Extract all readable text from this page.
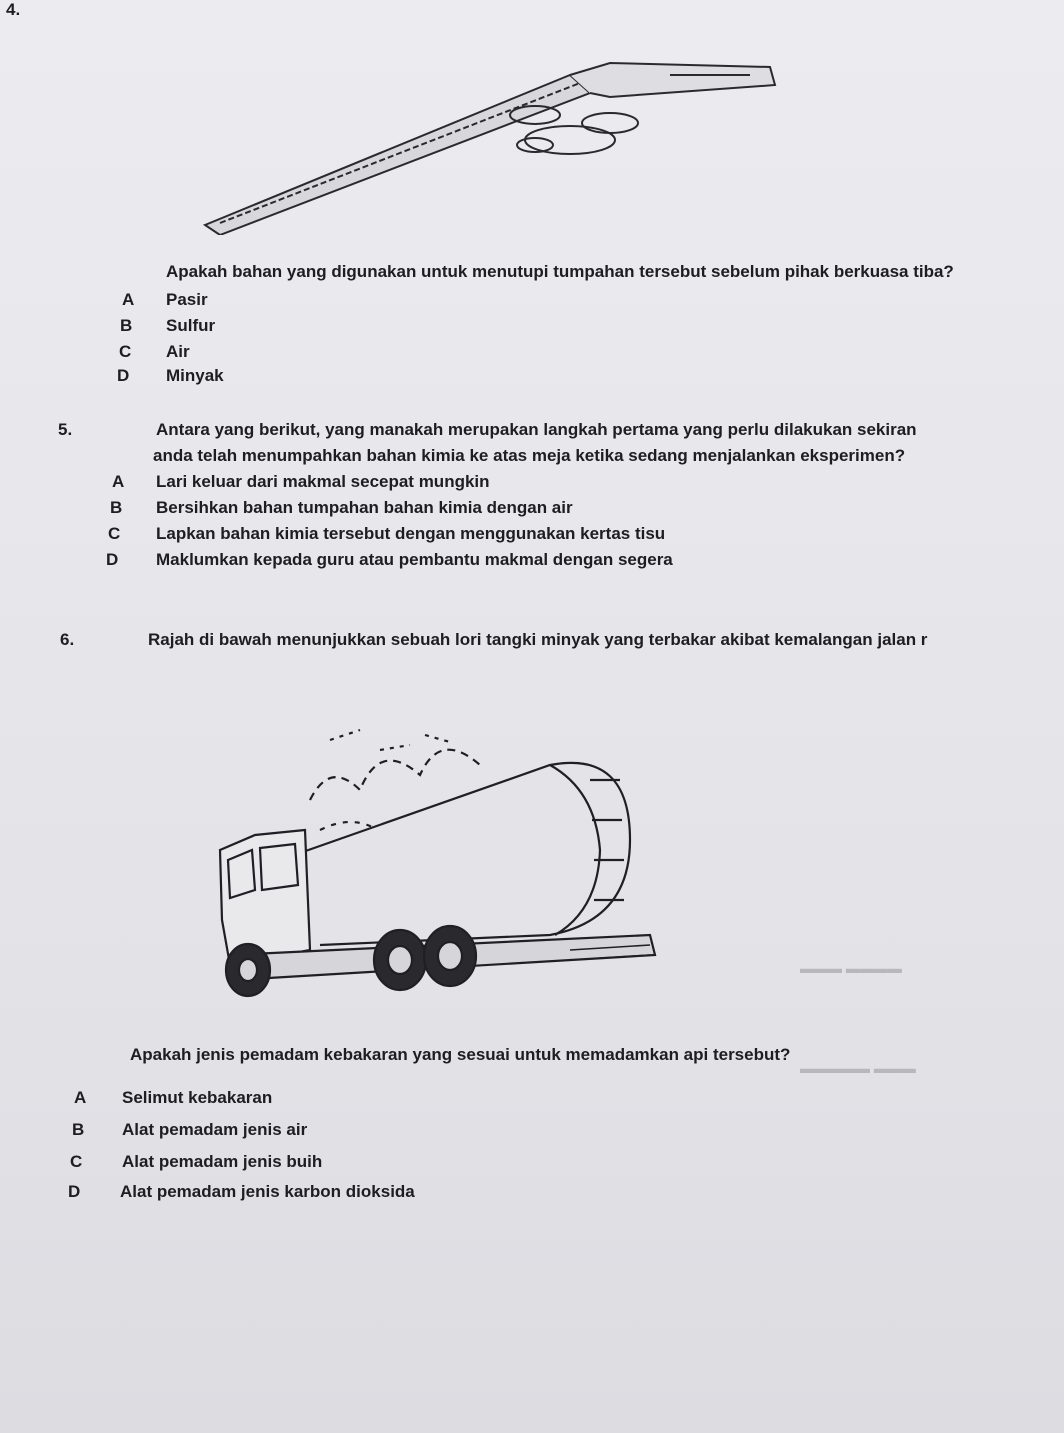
▬▬▬▬ ▬▬▬
▬▬▬ ▬▬▬▬▬
4.
Apakah bahan yang digunakan untuk menutupi tumpahan tersebut sebelum pihak berkuasa tiba?
A	Pasir
B	Sulfur
C	Air
D	Minyak
5.	Antara yang berikut, yang manakah merupakan langkah pertama yang perlu dilakukan sekiran
anda telah menumpahkan bahan kimia ke atas meja ketika sedang menjalankan eksperimen?
A	Lari keluar dari makmal secepat mungkin
B	Bersihkan bahan tumpahan bahan kimia dengan air
C	Lapkan bahan kimia tersebut dengan menggunakan kertas tisu
D	Maklumkan kepada guru atau pembantu makmal dengan segera
6.	Rajah di bawah menunjukkan sebuah lori tangki minyak yang terbakar akibat kemalangan jalan r
Apakah jenis pemadam kebakaran yang sesuai untuk memadamkan api tersebut?
A	Selimut kebakaran
B	Alat pemadam jenis air
C	Alat pemadam jenis buih
D	Alat pemadam jenis karbon dioksida
